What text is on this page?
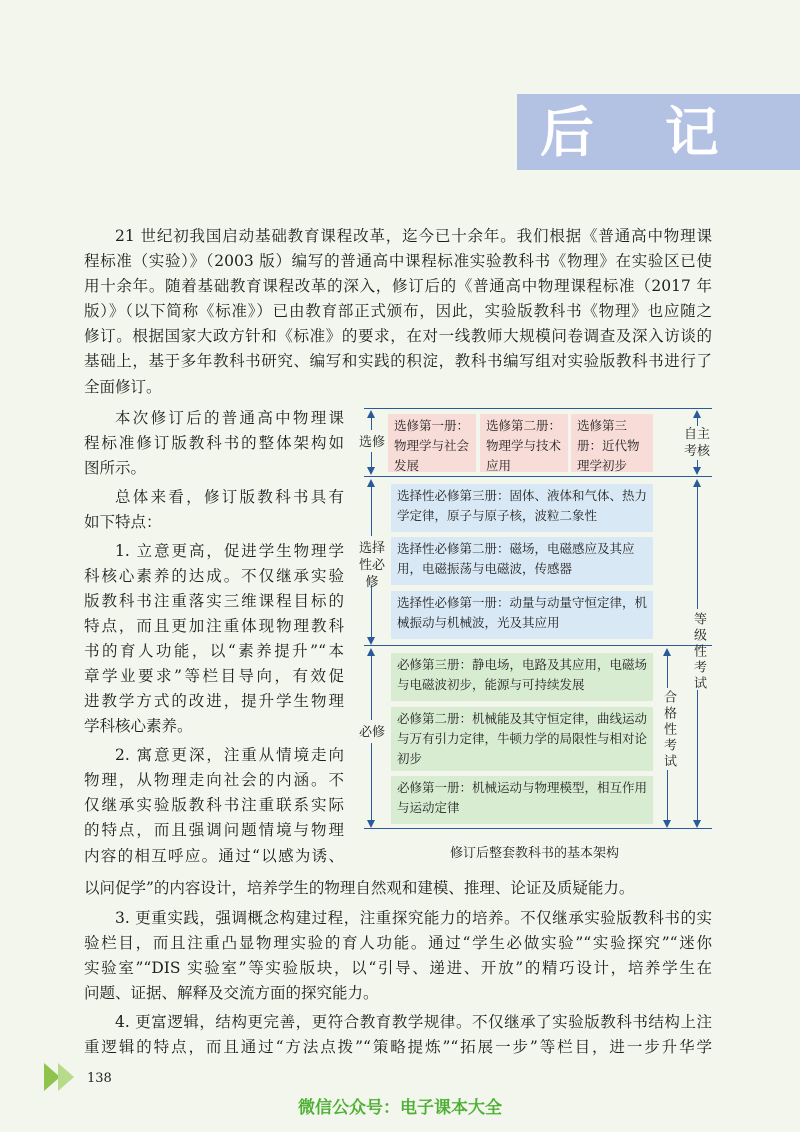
后 记
21 世纪初我国启动基础教育课程改革，迄今已十余年。我们根据《普通高中物理课
程标准（实验）》（2003 版）编写的普通高中课程标准实验教科书《物理》在实验区已使
用十余年。随着基础教育课程改革的深入，修订后的《普通高中物理课程标准（2017 年
版）》（以下简称《标准》）已由教育部正式颁布，因此，实验版教科书《物理》也应随之
修订。根据国家大政方针和《标准》的要求，在对一线教师大规模问卷调查及深入访谈的
基础上，基于多年教科书研究、编写和实践的积淀，教科书编写组对实验版教科书进行了
全面修订。
本次修订后的普通高中物理课
程标准修订版教科书的整体架构如
图所示。
总体来看，修订版教科书具有
如下特点：
1. 立意更高，促进学生物理学
科核心素养的达成。不仅继承实验
版教科书注重落实三维课程目标的
特点，而且更加注重体现物理教科
书的育人功能，以“素养提升”“本
章学业要求”等栏目导向，有效促
进教学方式的改进，提升学生物理
学科核心素养。
2. 寓意更深，注重从情境走向
物理，从物理走向社会的内涵。不
仅继承实验版教科书注重联系实际
的特点，而且强调问题情境与物理
内容的相互呼应。通过“以感为诱、
选修
选择性必修
必修
选修第一册：物理学与社会发展
选修第二册：物理学与技术应用
选修第三册：近代物理学初步
选择性必修第三册：固体、液体和气体、热力学定律，原子与原子核，波粒二象性
选择性必修第二册：磁场，电磁感应及其应用，电磁振荡与电磁波，传感器
选择性必修第一册：动量与动量守恒定律，机械振动与机械波，光及其应用
必修第三册：静电场，电路及其应用，电磁场与电磁波初步，能源与可持续发展
必修第二册：机械能及其守恒定律，曲线运动与万有引力定律，牛顿力学的局限性与相对论初步
必修第一册：机械运动与物理模型，相互作用与运动定律
自主考核
等级性考试
合格性考试
修订后整套教科书的基本架构
以问促学”的内容设计，培养学生的物理自然观和建模、推理、论证及质疑能力。
3. 更重实践，强调概念构建过程，注重探究能力的培养。不仅继承实验版教科书的实
验栏目，而且注重凸显物理实验的育人功能。通过“学生必做实验”“实验探究”“迷你
实验室”“DIS 实验室”等实验版块，以“引导、递进、开放”的精巧设计，培养学生在
问题、证据、解释及交流方面的探究能力。
4. 更富逻辑，结构更完善，更符合教育教学规律。不仅继承了实验版教科书结构上注
重逻辑的特点，而且通过“方法点拨”“策略提炼”“拓展一步”等栏目，进一步升华学
138
微信公众号：电子课本大全
